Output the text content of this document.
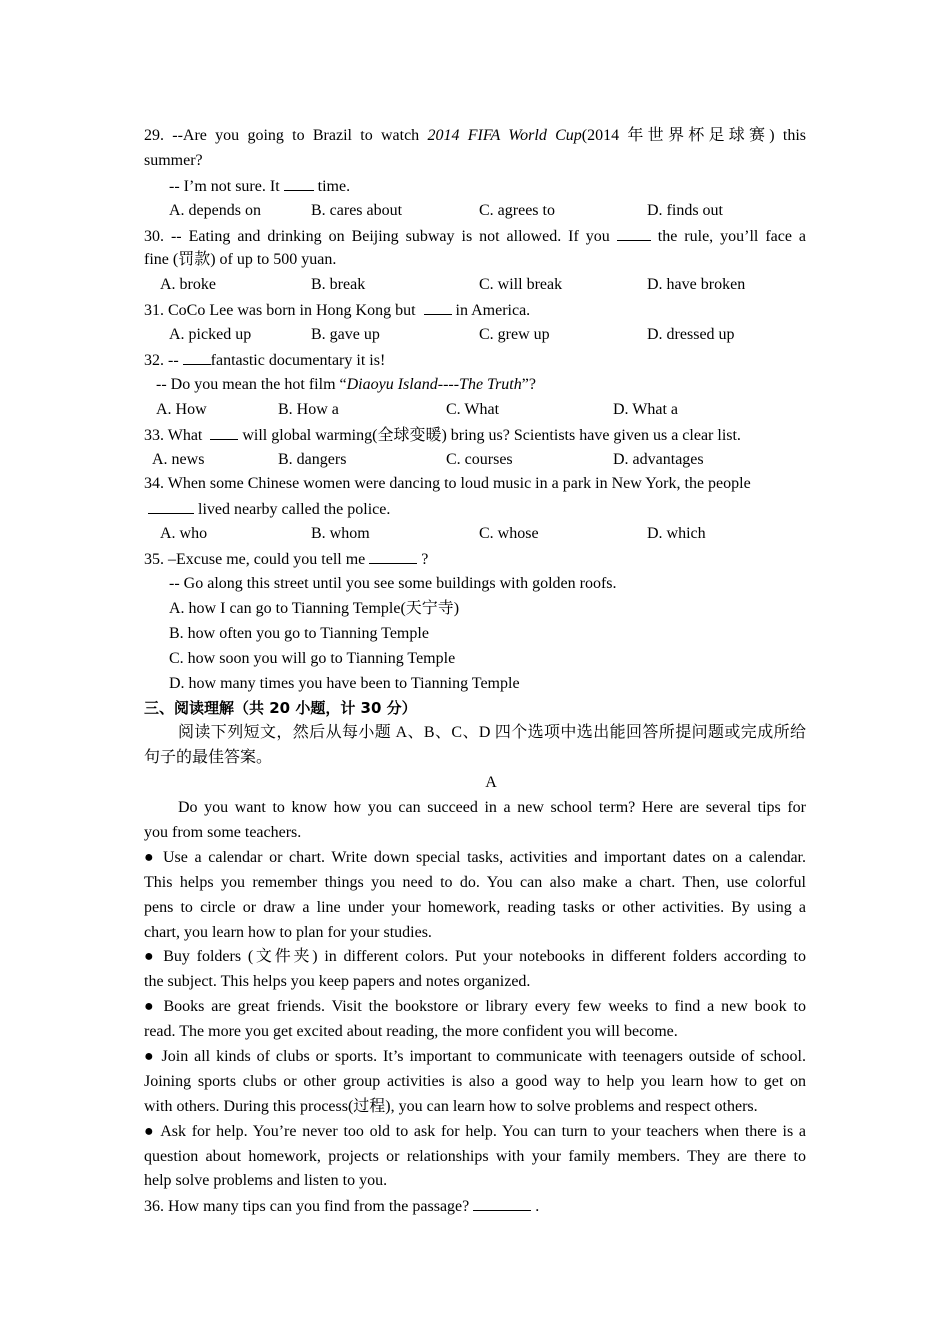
29. --Are you going to Brazil to watch 2014 FIFA World Cup(2014 年世界杯足球赛) this
summer?
-- I’m not sure. It time.
A. depends on	B. cares about	C. agrees to	D. finds out
30. -- Eating and drinking on Beijing subway is not allowed. If you	the rule, you’ll face a
fine (罚款) of up to 500 yuan.
A. broke	B. break	C. will break	D. have broken
31. CoCo Lee was born in Hong Kong but	in America.
A. picked up	B. gave up	C. grew up	D. dressed up
32. -- fantastic documentary it is!
-- Do you mean the hot film “Diaoyu Island----The Truth”?
A. How	B. How a	C. What	D. What a
33. What	will global warming(全球变暖) bring us? Scientists have given us a clear list.
A. news	B. dangers	C. courses	D. advantages
34. When some Chinese women were dancing to loud music in a park in New York, the people
lived nearby called the police.
A. who	B. whom	C. whose	D. which
35. –Excuse me, could you tell me	?
-- Go along this street until you see some buildings with golden roofs.
A. how I can go to Tianning Temple(天宁寺)
B. how often you go to Tianning Temple
C. how soon you will go to Tianning Temple
D. how many times you have been to Tianning Temple
三、阅读理解（共 20 小题，计 30 分）
阅读下列短文，然后从每小题 A、B、C、D 四个选项中选出能回答所提问题或完成所给
句子的最佳答案。
A
Do you want to know how you can succeed in a new school term? Here are several tips for
you from some teachers.
● Use a calendar or chart. Write down special tasks, activities and important dates on a calendar.
This helps you remember things you need to do. You can also make a chart. Then, use colorful
pens to circle or draw a line under your homework, reading tasks or other activities. By using a
chart, you learn how to plan for your studies.
● Buy folders (文件夹) in different colors. Put your notebooks in different folders according to
the subject. This helps you keep papers and notes organized.
● Books are great friends. Visit the bookstore or library every few weeks to find a new book to
read. The more you get excited about reading, the more confident you will become.
● Join all kinds of clubs or sports. It’s important to communicate with teenagers outside of school.
Joining sports clubs or other group activities is also a good way to help you learn how to get on
with others. During this process(过程), you can learn how to solve problems and respect others.
● Ask for help. You’re never too old to ask for help. You can turn to your teachers when there is a
question about homework, projects or relationships with your family members. They are there to
help solve problems and listen to you.
36. How many tips can you find from the passage?	.
